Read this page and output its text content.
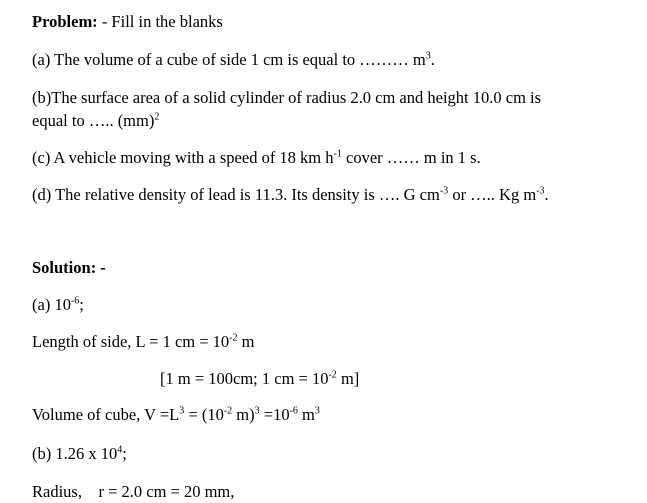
Problem: - Fill in the blanks
(a) The volume of a cube of side 1 cm is equal to ……… $m^3$.
(b)The surface area of a solid cylinder of radius 2.0 cm and height 10.0 cm is
equal to ….. (mm)$^2$
(c) A vehicle moving with a speed of 18 km $h^{-1}$ cover …… m in 1 s.
(d) The relative density of lead is 11.3. Its density is …. G $cm^{-3}$ or ….. Kg $m^{-3}$.
Solution: -
(a) $10^{-6}$;
Length of side, L = 1 cm = $10^{-2}$ m
[1 m = 100cm; 1 cm = $10^{-2}$ m]
Volume of cube, $V =L^3 = (10^{-2}$ $m)^3 =10^{-6}$ $m^3$
(b) 1.26 x $10^4$;
Radius,    r = 2.0 cm = 20 mm,
